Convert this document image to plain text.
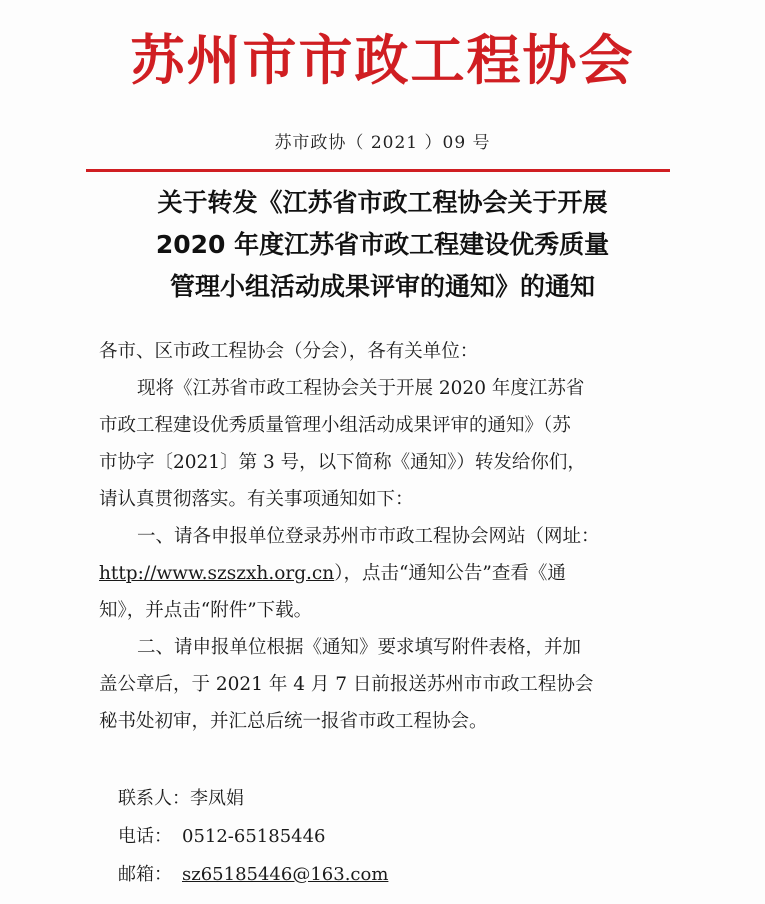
苏州市市政工程协会
苏市政协（ 2021 ）09 号
关于转发《江苏省市政工程协会关于开展
2020 年度江苏省市政工程建设优秀质量
管理小组活动成果评审的通知》的通知
各市、区市政工程协会（分会），各有关单位：
现将《江苏省市政工程协会关于开展 2020 年度江苏省
市政工程建设优秀质量管理小组活动成果评审的通知》（苏
市协字〔2021〕第 3 号，以下简称《通知》）转发给你们，
请认真贯彻落实。有关事项通知如下：
一、请各申报单位登录苏州市市政工程协会网站（网址：
http://www.szszxh.org.cn），点击“通知公告”查看《通
知》，并点击“附件”下载。
二、请申报单位根据《通知》要求填写附件表格，并加
盖公章后，于 2021 年 4 月 7 日前报送苏州市市政工程协会
秘书处初审，并汇总后统一报省市政工程协会。
联系人：李凤娟
电话： 0512-65185446
邮箱： sz65185446@163.com
